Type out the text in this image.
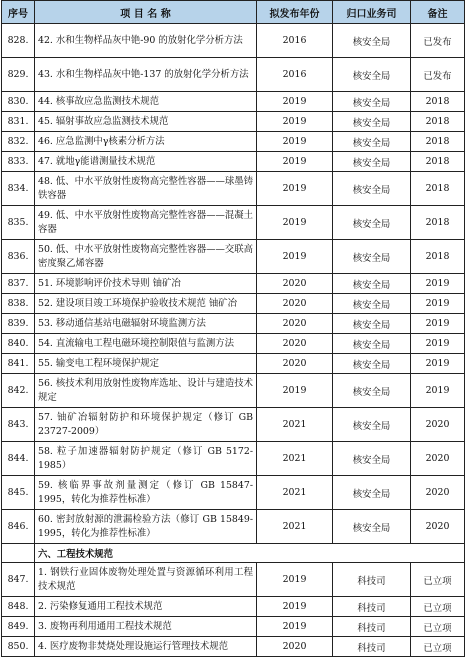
序号	项 目 名 称	拟发布年份	归口业务司	备注
828.	42. 水和生物样品灰中铯-90 的放射化学分析方法	2016	核安全局	已发布
829.	43. 水和生物样品灰中铯-137 的放射化学分析方法	2016	核安全局	已发布
830.	44. 核事故应急监测技术规范	2019	核安全局	2018
831.	45. 辐射事故应急监测技术规范	2019	核安全局	2018
832.	46. 应急监测中γ核素分析方法	2019	核安全局	2018
833.	47. 就地γ能谱测量技术规范	2019	核安全局	2018
834.	48. 低、中水平放射性废物高完整性容器——球墨铸铁容器	2019	核安全局	2018
835.	49. 低、中水平放射性废物高完整性容器——混凝土容器	2019	核安全局	2018
836.	50. 低、中水平放射性废物高完整性容器——交联高密度聚乙烯容器	2019	核安全局	2018
837.	51. 环境影响评价技术导则 铀矿冶	2020	核安全局	2019
838.	52. 建设项目竣工环境保护验收技术规范 铀矿冶	2020	核安全局	2019
839.	53. 移动通信基站电磁辐射环境监测方法	2020	核安全局	2019
840.	54. 直流输电工程电磁环境控制限值与监测方法	2020	核安全局	2019
841.	55. 输变电工程环境保护规定	2020	核安全局	2019
842.	56. 核技术利用放射性废物库选址、设计与建造技术规定	2019	核安全局	2019
843.	57. 铀矿冶辐射防护和环境保护规定（修订 GB 23727-2009）	2021	核安全局	2020
844.	58. 粒子加速器辐射防护规定（修订 GB 5172-1985）	2021	核安全局	2020
845.	59. 核临界事故剂量测定（修订 GB 15847-1995，转化为推荐性标准）	2021	核安全局	2020
846.	60. 密封放射源的泄漏检验方法（修订 GB 15849-1995，转化为推荐性标准）	2021	核安全局	2020
	六、工程技术规范			
847.	1. 钢铁行业固体废物处理处置与资源循环利用工程技术规范	2019	科技司	已立项
848.	2. 污染修复通用工程技术规范	2019	科技司	已立项
849.	3. 废物再利用通用工程技术规范	2019	科技司	已立项
850.	4. 医疗废物非焚烧处理设施运行管理技术规范	2020	科技司	已立项
